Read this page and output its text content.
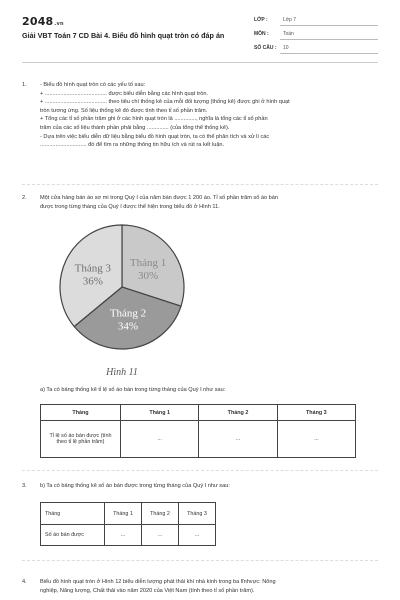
2048.vn
Giải VBT Toán 7 CD Bài 4. Biểu đồ hình quạt tròn có đáp án
LỚP :	Lớp 7
MÔN :	Toán
SỐ CÂU : 10
1. - Biểu đồ hình quạt tròn có các yếu tố sau:

+ ........................................ được biểu diễn bằng các hình quạt tròn.

+ ........................................ theo tiêu chí thống kê của mỗi đối tượng (thống kê) được ghi ở hình quạt

tròn tương ứng. Số liệu thống kê đó được tính theo tỉ số phần trăm.

+ Tổng các tỉ số phần trăm ghi ở các hình quạt tròn là .............., nghĩa là tổng các tỉ số phần

trăm của các số liệu thành phần phải bằng .............. (của tổng thể thống kê).

- Dựa trên việc biểu diễn dữ liệu bằng biểu đồ hình quạt tròn, ta có thể phân tích và xử lí các

.............................. đó để tìm ra những thông tin hữu ích và rút ra kết luận.

2. Một cửa hàng bán áo sơ mi trong Quý I của năm bán được 1 200 áo. Tỉ số phần trăm số áo bán

được trong từng tháng của Quý I được thể hiện trong biểu đồ ở Hình 11.

Tháng 1
30%
Tháng 2
34%
Tháng 3
36%
Hình 11
a) Ta có bảng thống kê tỉ lệ số áo bán trong từng tháng của Quý I như sau:
Tháng	Tháng 1	Tháng 2	Tháng 3

Tỉ lệ số áo bán được (tính
theo tỉ lệ phần trăm)	...	...	...
3. b) Ta có bảng thống kê số áo bán được trong từng tháng của Quý I như sau:
Tháng	Tháng 1	Tháng 2	Tháng 3
Số áo bán được	...	...	...
4. Biểu đồ hình quạt tròn ở Hình 12 biểu diễn lượng phát thải khí nhà kính trong ba lĩnhvực: Nông

nghiệp, Năng lượng, Chất thải vào năm 2020 của Việt Nam (tính theo tỉ số phần trăm).
